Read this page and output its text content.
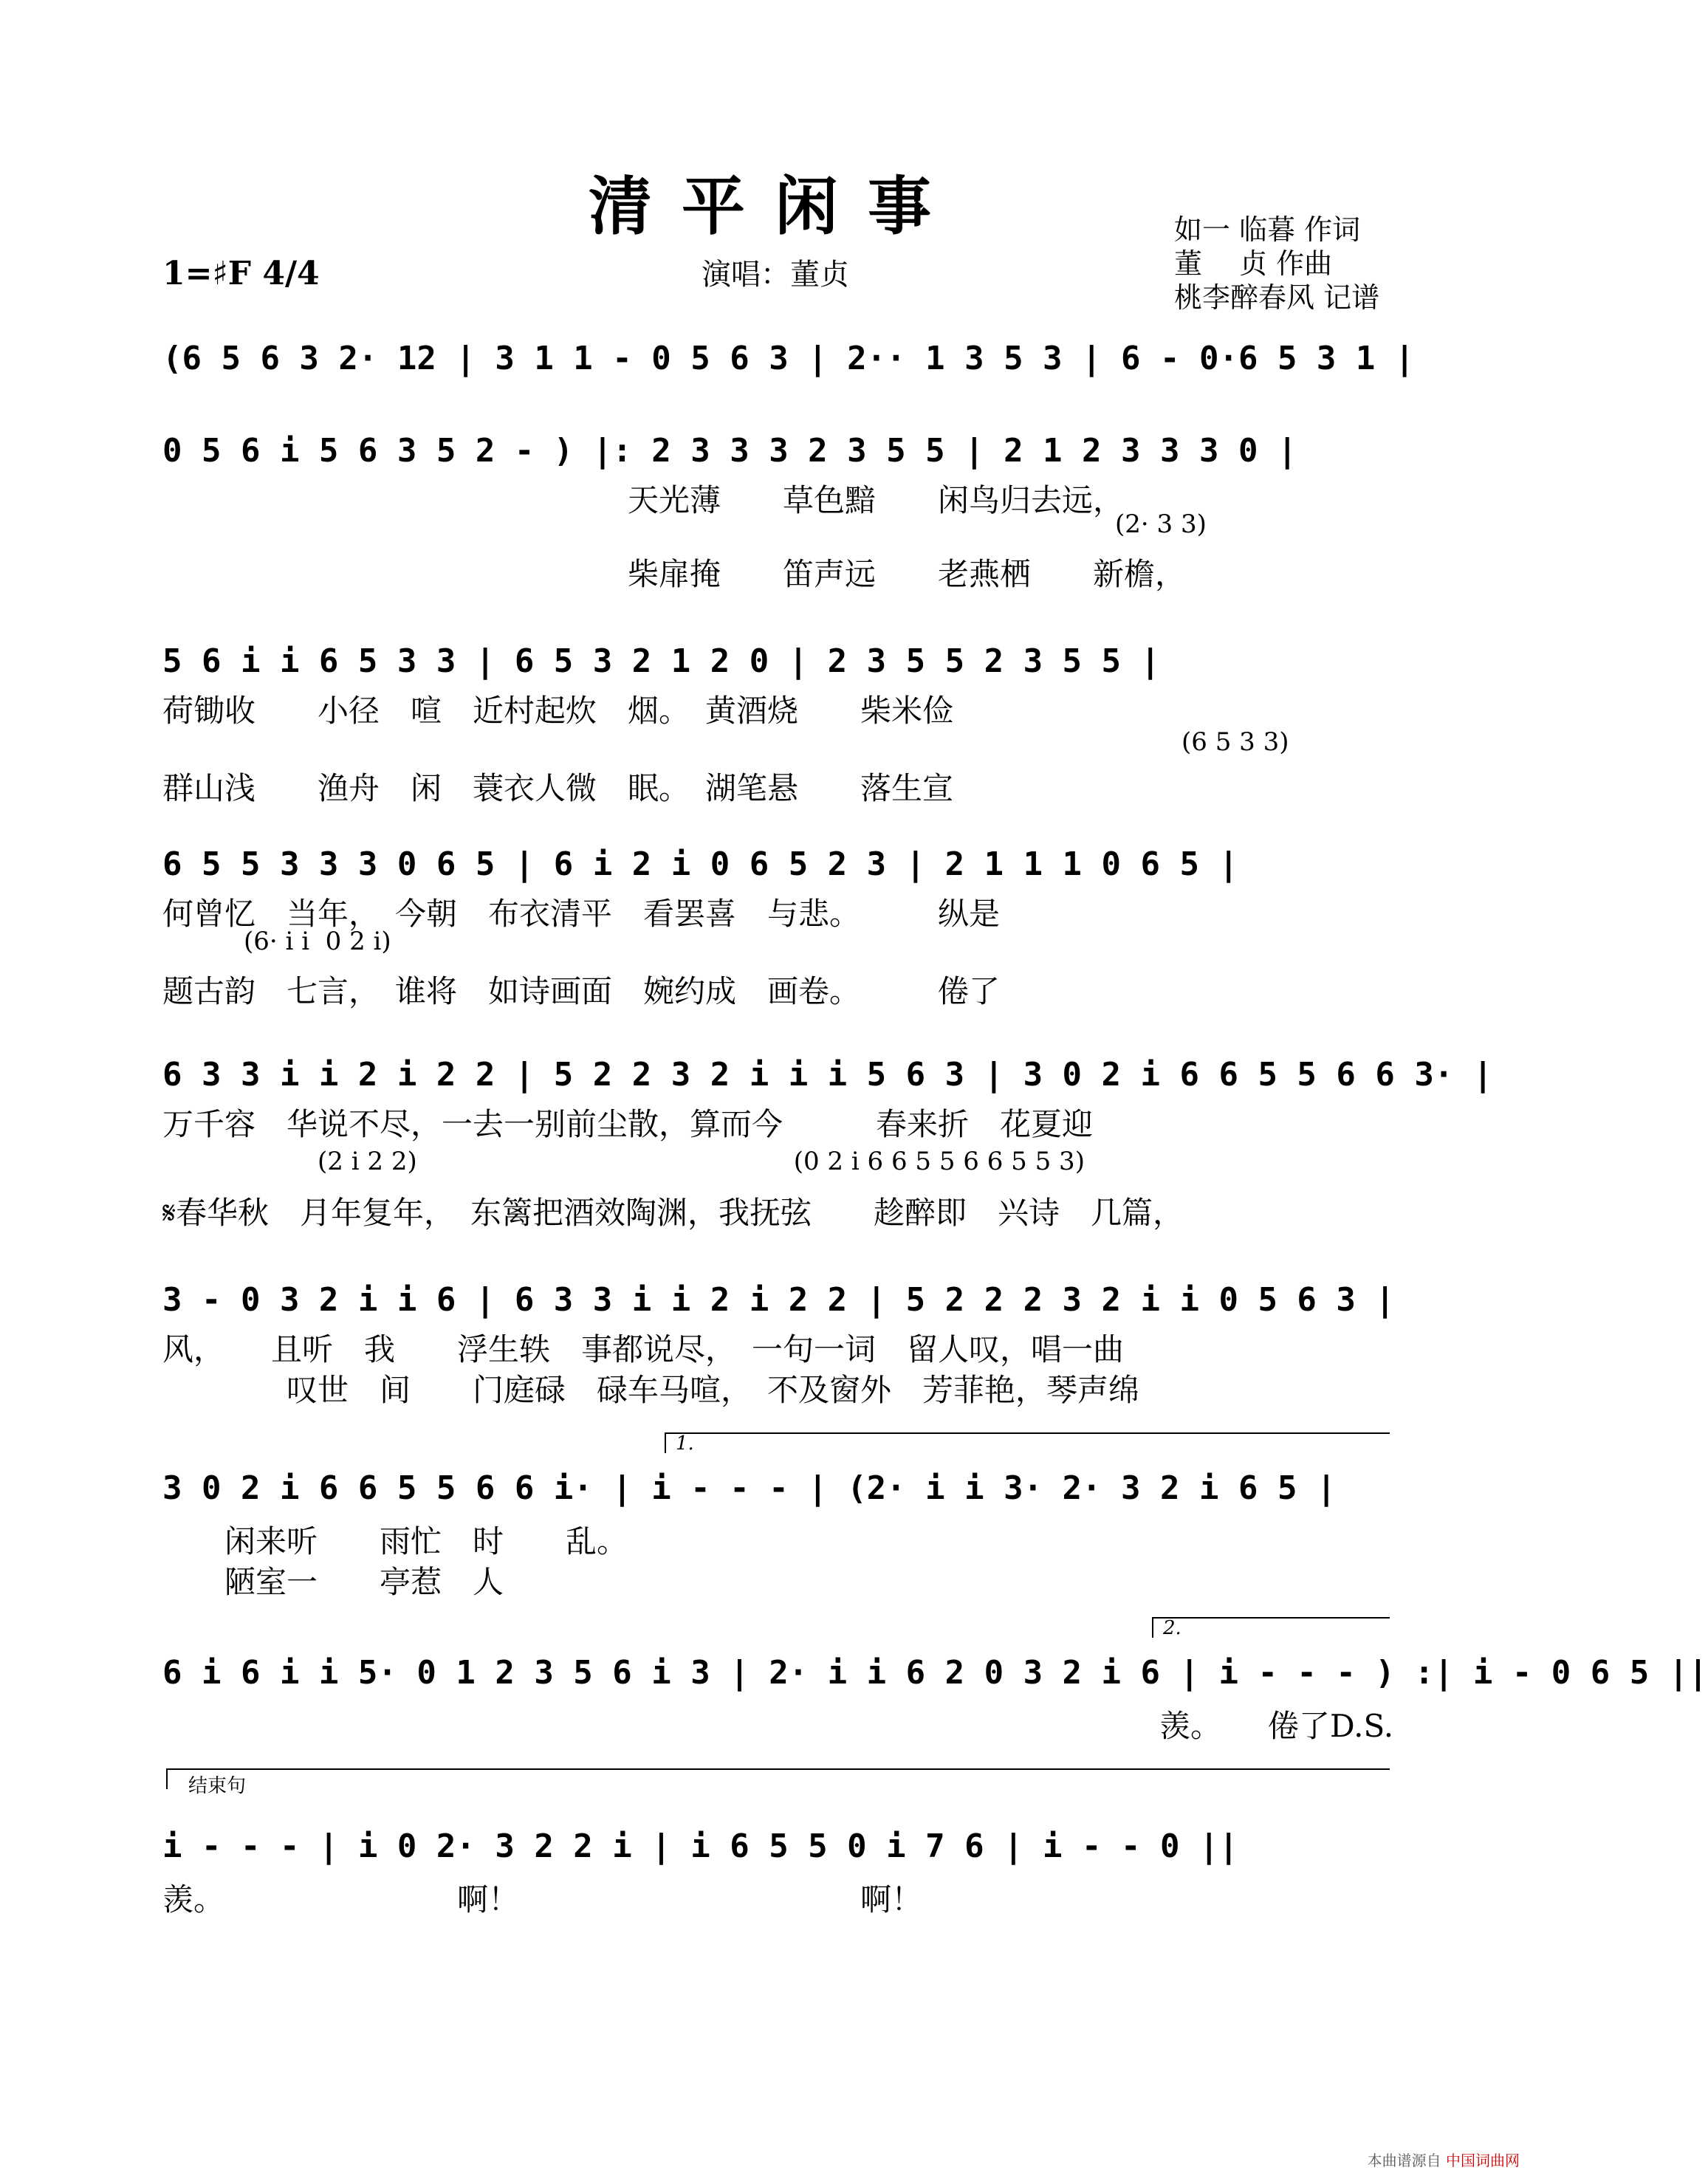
清平闲事
1=♯F 4/4	演唱：董贞
如一 临暮 作词
董　 贞 作曲
桃李醉春风 记谱
(6 5 6 3 2· 12 | 3 1 1 - 0 5 6 3 | 2·· 1 3 5 3 | 6 - 0·6 5 3 1 |
0 5 6 i 5 6 3 5 2 - ) |: 2 3 3 3 2 3 5 5 | 2 1 2 3 3 3 0 |
天光薄　　草色黯　　闲鸟归去远，
(2· 3 3)
柴扉掩　　笛声远　　老燕栖　　新檐，
5 6 i i 6 5 3 3 | 6 5 3 2 1 2 0 | 2 3 5 5 2 3 5 5 |
荷锄收　　小径　喧　近村起炊　烟。　黄酒烧　　柴米俭
(6 5 3 3)
群山浅　　渔舟　闲　蓑衣人微　眠。　湖笔悬　　落生宣
6 5 5 3 3 3 0 6 5 | 6 i 2 i 0 6 5 2 3 | 2 1 1 1 0 6 5 |
何曾忆　当年，　今朝　布衣清平　看罢喜　与悲。　　　纵是
(6· i i  0 2 i)
题古韵　七言，　谁将　如诗画面　婉约成　画卷。　　　倦了
6 3 3 i i 2 i 2 2 | 5 2 2 3 2 i i i 5 6 3 | 3 0 2 i 6 6 5 5 6 6 3· |
万千容　华说不尽，一去一别前尘散，算而今　　　春来折　花夏迎
(2 i 2 2)　　　　　　　　　　　　　　　(0 2 i 6 6 5 5 6 6 5 5 3)
𝄋春华秋　月年复年，　东篱把酒效陶渊，我抚弦　　趁醉即　兴诗　几篇，
3 - 0 3 2 i i 6 | 6 3 3 i i 2 i 2 2 | 5 2 2 2 3 2 i i 0 5 6 3 |
风，　　且听　我　　浮生轶　事都说尽，　一句一词　留人叹，唱一曲
　　　　叹世　间　　门庭碌　碌车马喧，　不及窗外　芳菲艳，琴声绵
1.
3 0 2 i 6 6 5 5 6 6 i· | i - - - | (2· i i 3· 2· 3 2 i 6 5 |
　　闲来听　　雨忙　时　　乱。
　　陋室一　　亭惹　人
2.
6 i 6 i i 5· 0 1 2 3 5 6 i 3 | 2· i i 6 2 0 3 2 i 6 | i - - - ) :| i - 0 6 5 ||
羡。　　倦了D.S.
结束句
i - - - | i 0 2· 3 2 2 i | i 6 5 5 0 i 7 6 | i - - 0 ||
羡。　　　　　　　　啊！　　　　　　　　　　　啊！
本曲谱源自 中国词曲网
